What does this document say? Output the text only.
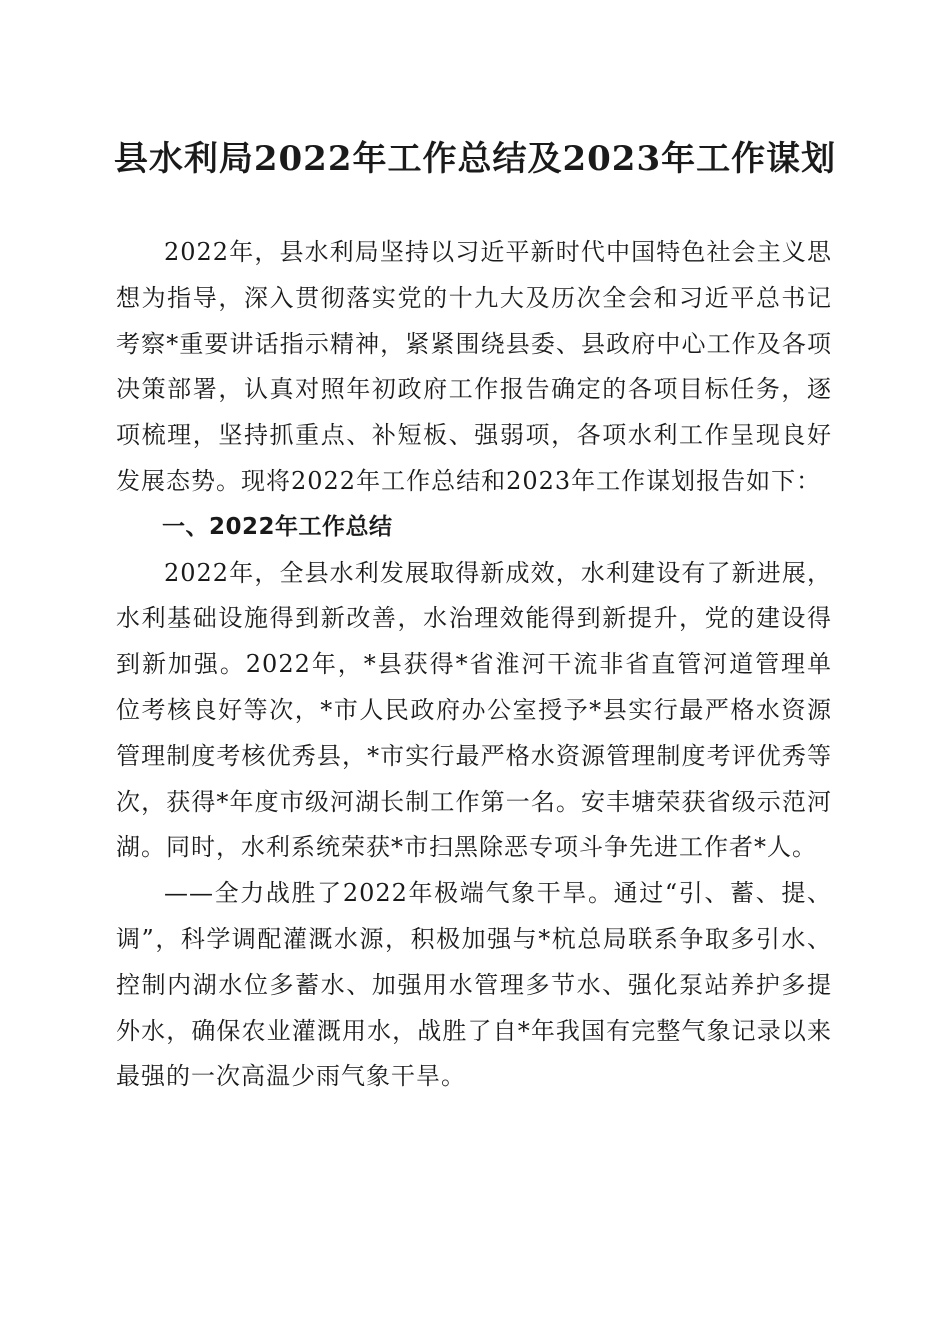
县水利局2022年工作总结及2023年工作谋划

2022年，县水利局坚持以习近平新时代中国特色社会主义思想为指导，深入贯彻落实党的十九大及历次全会和习近平总书记考察*重要讲话指示精神，紧紧围绕县委、县政府中心工作及各项决策部署，认真对照年初政府工作报告确定的各项目标任务，逐项梳理，坚持抓重点、补短板、强弱项，各项水利工作呈现良好发展态势。现将2022年工作总结和2023年工作谋划报告如下：

一、2022年工作总结

2022年，全县水利发展取得新成效，水利建设有了新进展，水利基础设施得到新改善，水治理效能得到新提升，党的建设得到新加强。2022年，*县获得*省淮河干流非省直管河道管理单位考核良好等次，*市人民政府办公室授予*县实行最严格水资源管理制度考核优秀县，*市实行最严格水资源管理制度考评优秀等次，获得*年度市级河湖长制工作第一名。安丰塘荣获省级示范河湖。同时，水利系统荣获*市扫黑除恶专项斗争先进工作者*人。

——全力战胜了2022年极端气象干旱。通过“引、蓄、提、调”，科学调配灌溉水源，积极加强与*杭总局联系争取多引水、控制内湖水位多蓄水、加强用水管理多节水、强化泵站养护多提外水，确保农业灌溉用水，战胜了自*年我国有完整气象记录以来最强的一次高温少雨气象干旱。
